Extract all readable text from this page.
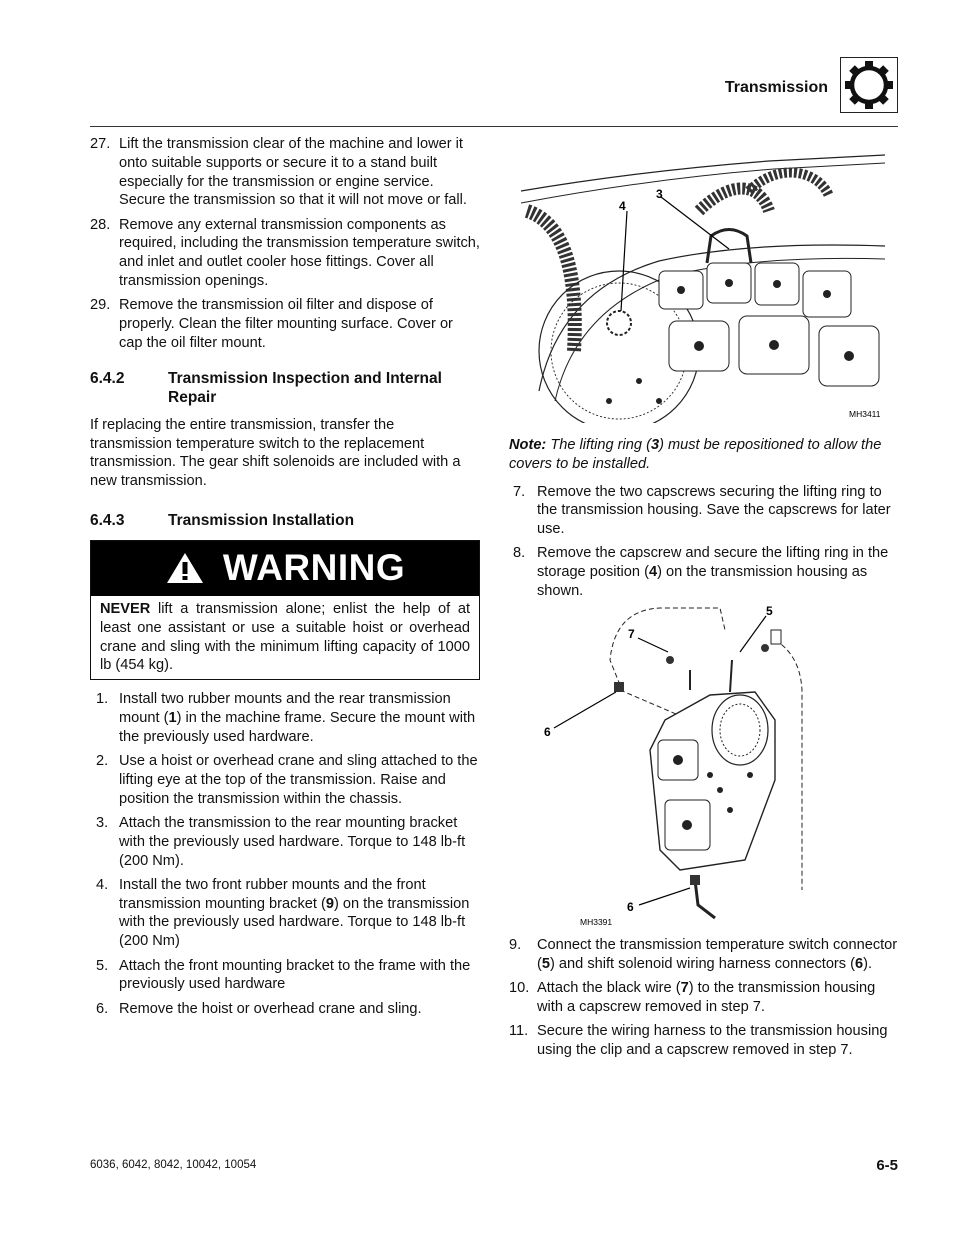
Transmission
27. Lift the transmission clear of the machine and lower it onto suitable supports or secure it to a stand built especially for the transmission or engine service. Secure the transmission so that it will not move or fall.
28. Remove any external transmission components as required, including the transmission temperature switch, and inlet and outlet cooler hose fittings. Cover all transmission openings.
29. Remove the transmission oil filter and dispose of properly. Clean the filter mounting surface. Cover or cap the oil filter mount.
6.4.2	Transmission Inspection and Internal Repair

If replacing the entire transmission, transfer the transmission temperature switch to the replacement transmission. The gear shift solenoids are included with a new transmission.

6.4.3	Transmission Installation
WARNING
NEVER lift a transmission alone; enlist the help of at least one assistant or use a suitable hoist or overhead crane and sling with the minimum lifting capacity of 1000 lb (454 kg).
1. Install two rubber mounts and the rear transmission mount (1) in the machine frame. Secure the mount with the previously used hardware.
2. Use a hoist or overhead crane and sling attached to the lifting eye at the top of the transmission. Raise and position the transmission within the chassis.
3. Attach the transmission to the rear mounting bracket with the previously used hardware. Torque to 148 lb-ft (200 Nm).
4. Install the two front rubber mounts and the front transmission mounting bracket (9) on the transmission with the previously used hardware. Torque to 148 lb-ft (200 Nm)
5. Attach the front mounting bracket to the frame with the previously used hardware
6. Remove the hoist or overhead crane and sling.
3
4
MH3411

Note: The lifting ring (3) must be repositioned to allow the covers to be installed.

7. Remove the two capscrews securing the lifting ring to the transmission housing. Save the capscrews for later use.
8. Remove the capscrew and secure the lifting ring in the storage position (4) on the transmission housing as shown.
7
5
6
6
MH3391
9.	Connect the transmission temperature switch connector (5) and shift solenoid wiring harness connectors (6).
10. Attach the black wire (7) to the transmission housing with a capscrew removed in step 7.
11. Secure the wiring harness to the transmission housing using the clip and a capscrew removed in step 7.
6036, 6042, 8042, 10042, 10054	6-5
